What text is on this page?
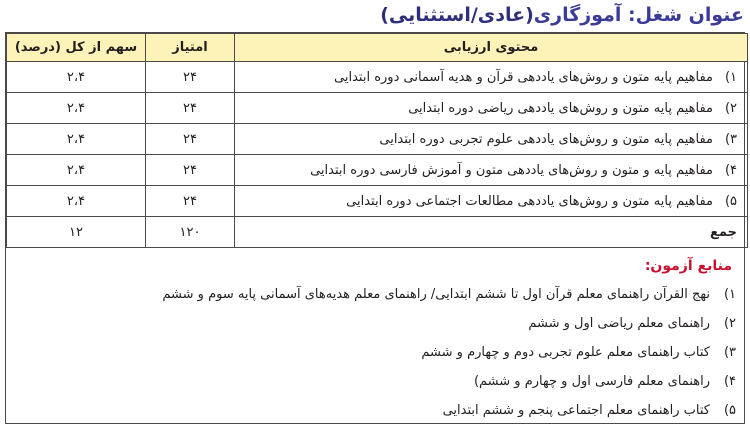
عنوان شغل: آموزگاری(عادی/استثنایی)
محتوی ارزیابی	امتیاز	سهم از کل (درصد)
۱)مفاهیم پایه متون و روش‌های یاددهی قرآن و هدیه آسمانی دوره ابتدایی	۲۴	۲،۴
۲)مفاهیم پایه متون و روش‌های یاددهی ریاضی دوره ابتدایی	۲۴	۲،۴
۳)مفاهیم پایه متون و روش‌های یاددهی علوم تجربی دوره ابتدایی	۲۴	۲،۴
۴)مفاهیم پایه و متون و روش‌های یاددهی متون و آموزش فارسی دوره ابتدایی	۲۴	۲،۴
۵)مفاهیم پایه متون و روش‌های یاددهی مطالعات اجتماعی دوره ابتدایی	۲۴	۲،۴
جمع	۱۲۰	۱۲
منابع آزمون:
۱)نهج القرآن راهنمای معلم قرآن اول تا ششم ابتدایی/ راهنمای معلم هدیه‌های آسمانی پایه سوم و ششم
۲)راهنمای معلم ریاضی اول و ششم
۳)کتاب راهنمای معلم علوم تجربی دوم و چهارم و ششم
۴)راهنمای معلم فارسی اول و چهارم و ششم)
۵)کتاب راهنمای معلم اجتماعی پنجم و ششم ابتدایی
